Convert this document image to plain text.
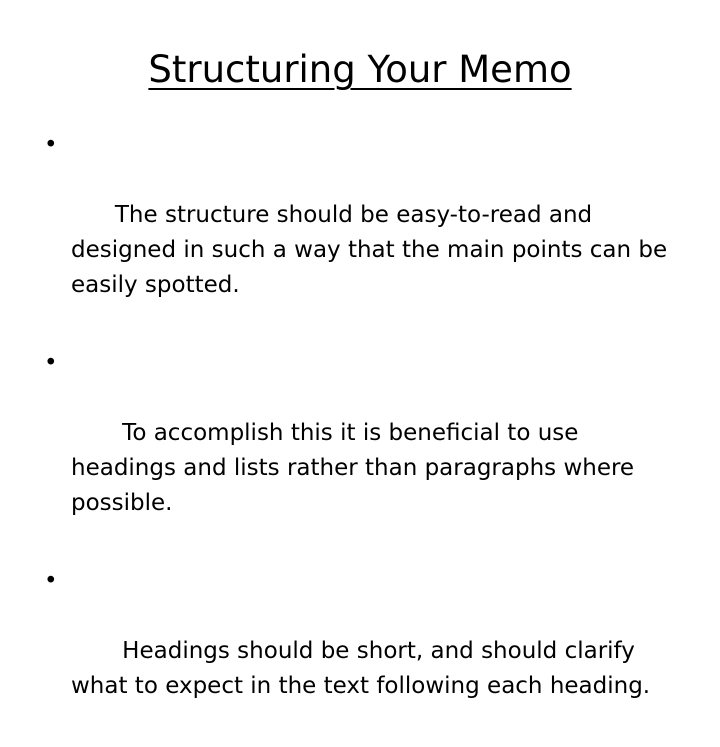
Structuring Your Memo

•

The structure should be easy-to-read and designed in such a way that the main points can be easily spotted.

•

To accomplish this it is beneficial to use headings and lists rather than paragraphs where possible.

•

Headings should be short, and should clarify what to expect in the text following each heading.
